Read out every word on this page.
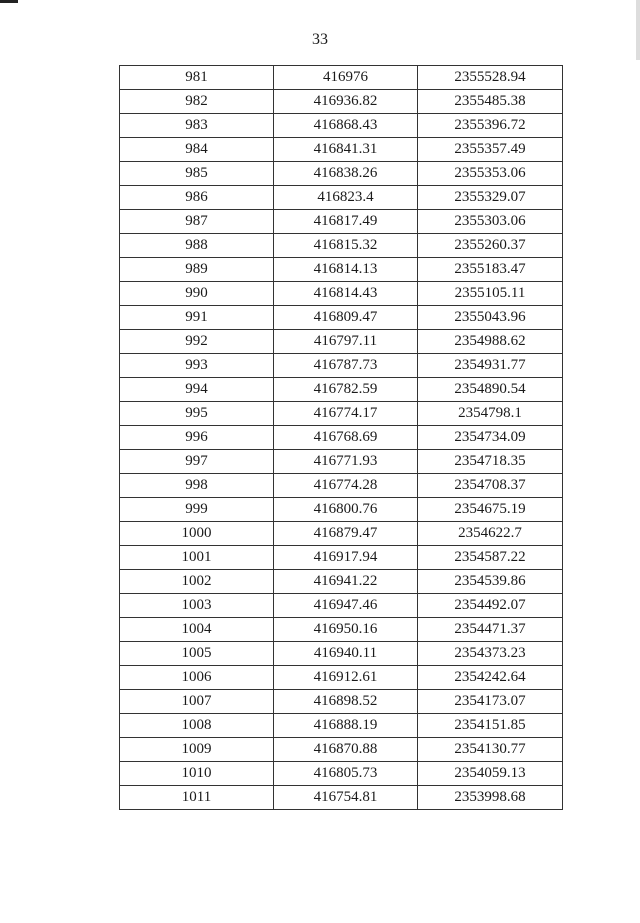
33
981	416976	2355528.94
982	416936.82	2355485.38
983	416868.43	2355396.72
984	416841.31	2355357.49
985	416838.26	2355353.06
986	416823.4	2355329.07
987	416817.49	2355303.06
988	416815.32	2355260.37
989	416814.13	2355183.47
990	416814.43	2355105.11
991	416809.47	2355043.96
992	416797.11	2354988.62
993	416787.73	2354931.77
994	416782.59	2354890.54
995	416774.17	2354798.1
996	416768.69	2354734.09
997	416771.93	2354718.35
998	416774.28	2354708.37
999	416800.76	2354675.19
1000	416879.47	2354622.7
1001	416917.94	2354587.22
1002	416941.22	2354539.86
1003	416947.46	2354492.07
1004	416950.16	2354471.37
1005	416940.11	2354373.23
1006	416912.61	2354242.64
1007	416898.52	2354173.07
1008	416888.19	2354151.85
1009	416870.88	2354130.77
1010	416805.73	2354059.13
1011	416754.81	2353998.68
